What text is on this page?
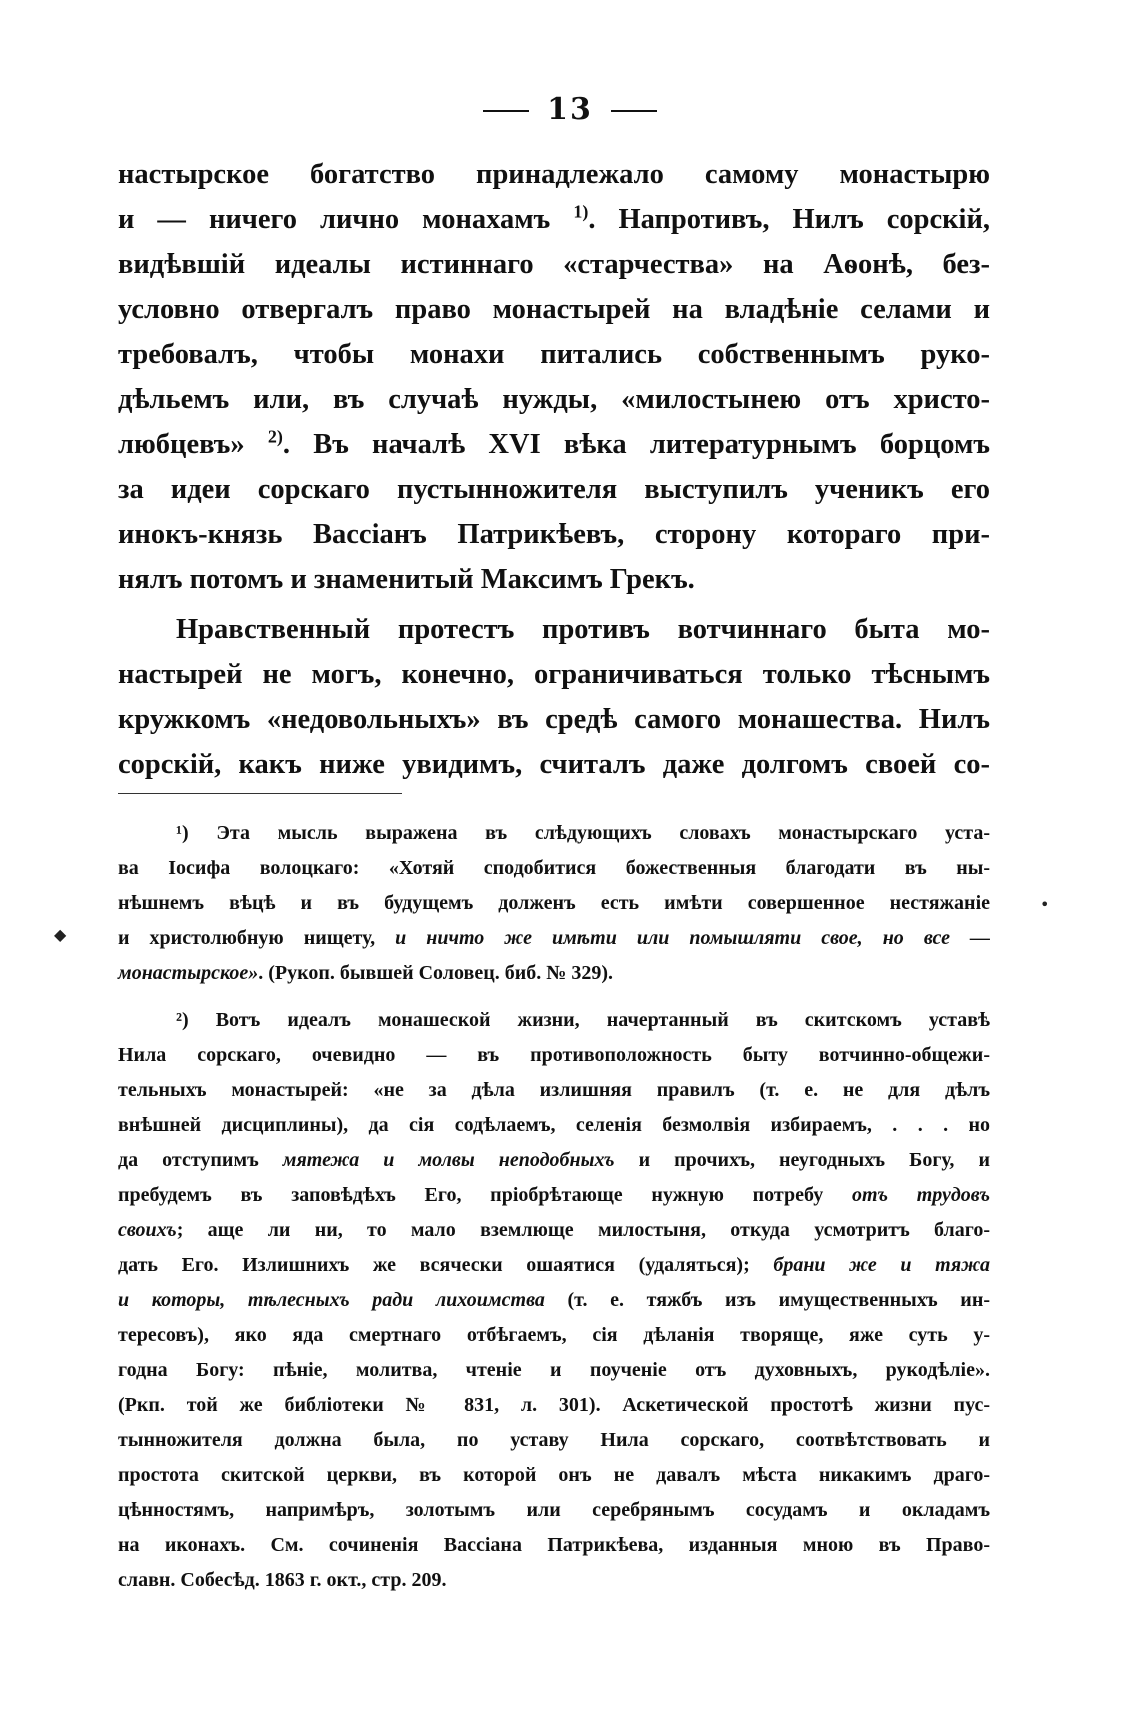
13
настырское богатство принадлежало самому монастырю
и — ничего лично монахамъ $^{1)}$. Напротивъ, Нилъ сорскій,
видѣвшій идеалы истиннаго «старчества» на Аѳонѣ, без-
условно отвергалъ право монастырей на владѣніе селами и
требовалъ, чтобы монахи питались собственнымъ руко-
дѣльемъ или, въ случаѣ нужды, «милостынею отъ христо-
любцевъ» $^{2)}$. Въ началѣ XVI вѣка литературнымъ борцомъ
за идеи сорскаго пустынножителя выступилъ ученикъ его
инокъ-князь Вассіанъ Патрикѣевъ, сторону котораго при-
нялъ потомъ и знаменитый Максимъ Грекъ.
Нравственный протестъ противъ вотчиннаго быта мо-
настырей не могъ, конечно, ограничиваться только тѣснымъ
кружкомъ «недовольныхъ» въ средѣ самого монашества. Нилъ
сорскій, какъ ниже увидимъ, считалъ даже долгомъ своей со-
¹) Эта мысль выражена въ слѣдующихъ словахъ монастырскаго уста-
ва Іосифа волоцкаго: «Хотяй сподобитися божественныя благодати въ ны-
нѣшнемъ вѣцѣ и въ будущемъ долженъ есть имѣти совершенное нестяжаніе
и христолюбную нищету, и ничто же имѣти или помышляти свое, но все —
монастырское». (Рукоп. бывшей Соловец. биб. № 329).
²) Вотъ идеалъ монашеской жизни, начертанный въ скитскомъ уставѣ
Нила сорскаго, очевидно — въ противоположность быту вотчинно-общежи-
тельныхъ монастырей: «не за дѣла излишняя правилъ (т. е. не для дѣлъ
внѣшней дисциплины), да сія содѣлаемъ, селенія безмолвія избираемъ, . . . но
да отступимъ мятежа и молвы неподобныхъ и прочихъ, неугодныхъ Богу, и
пребудемъ въ заповѣдѣхъ Его, пріобрѣтающе нужную потребу отъ трудовъ
своихъ; аще ли ни, то мало вземлюще милостыня, откуда усмотритъ благо-
дать Его. Излишнихъ же всячески ошаятися (удаляться); брани же и тяжа
и которы, тѣлесныхъ ради лихоимства (т. е. тяжбъ изъ имущественныхъ ин-
тересовъ), яко яда смертнаго отбѣгаемъ, сія дѣланія творяще, яже суть у-
годна Богу: пѣніе, молитва, чтеніе и поученіе отъ духовныхъ, рукодѣліе».
(Ркп. той же библіотеки № 831, л. 301). Аскетической простотѣ жизни пус-
тынножителя должна была, по уставу Нила сорскаго, соотвѣтствовать и
простота скитской церкви, въ которой онъ не давалъ мѣста никакимъ драго-
цѣнностямъ, напримѣръ, золотымъ или серебрянымъ сосудамъ и окладамъ
на иконахъ. См. сочиненія Вассіана Патрикѣева, изданныя мною въ Право-
славн. Собесѣд. 1863 г. окт., стр. 209.
◆
•
